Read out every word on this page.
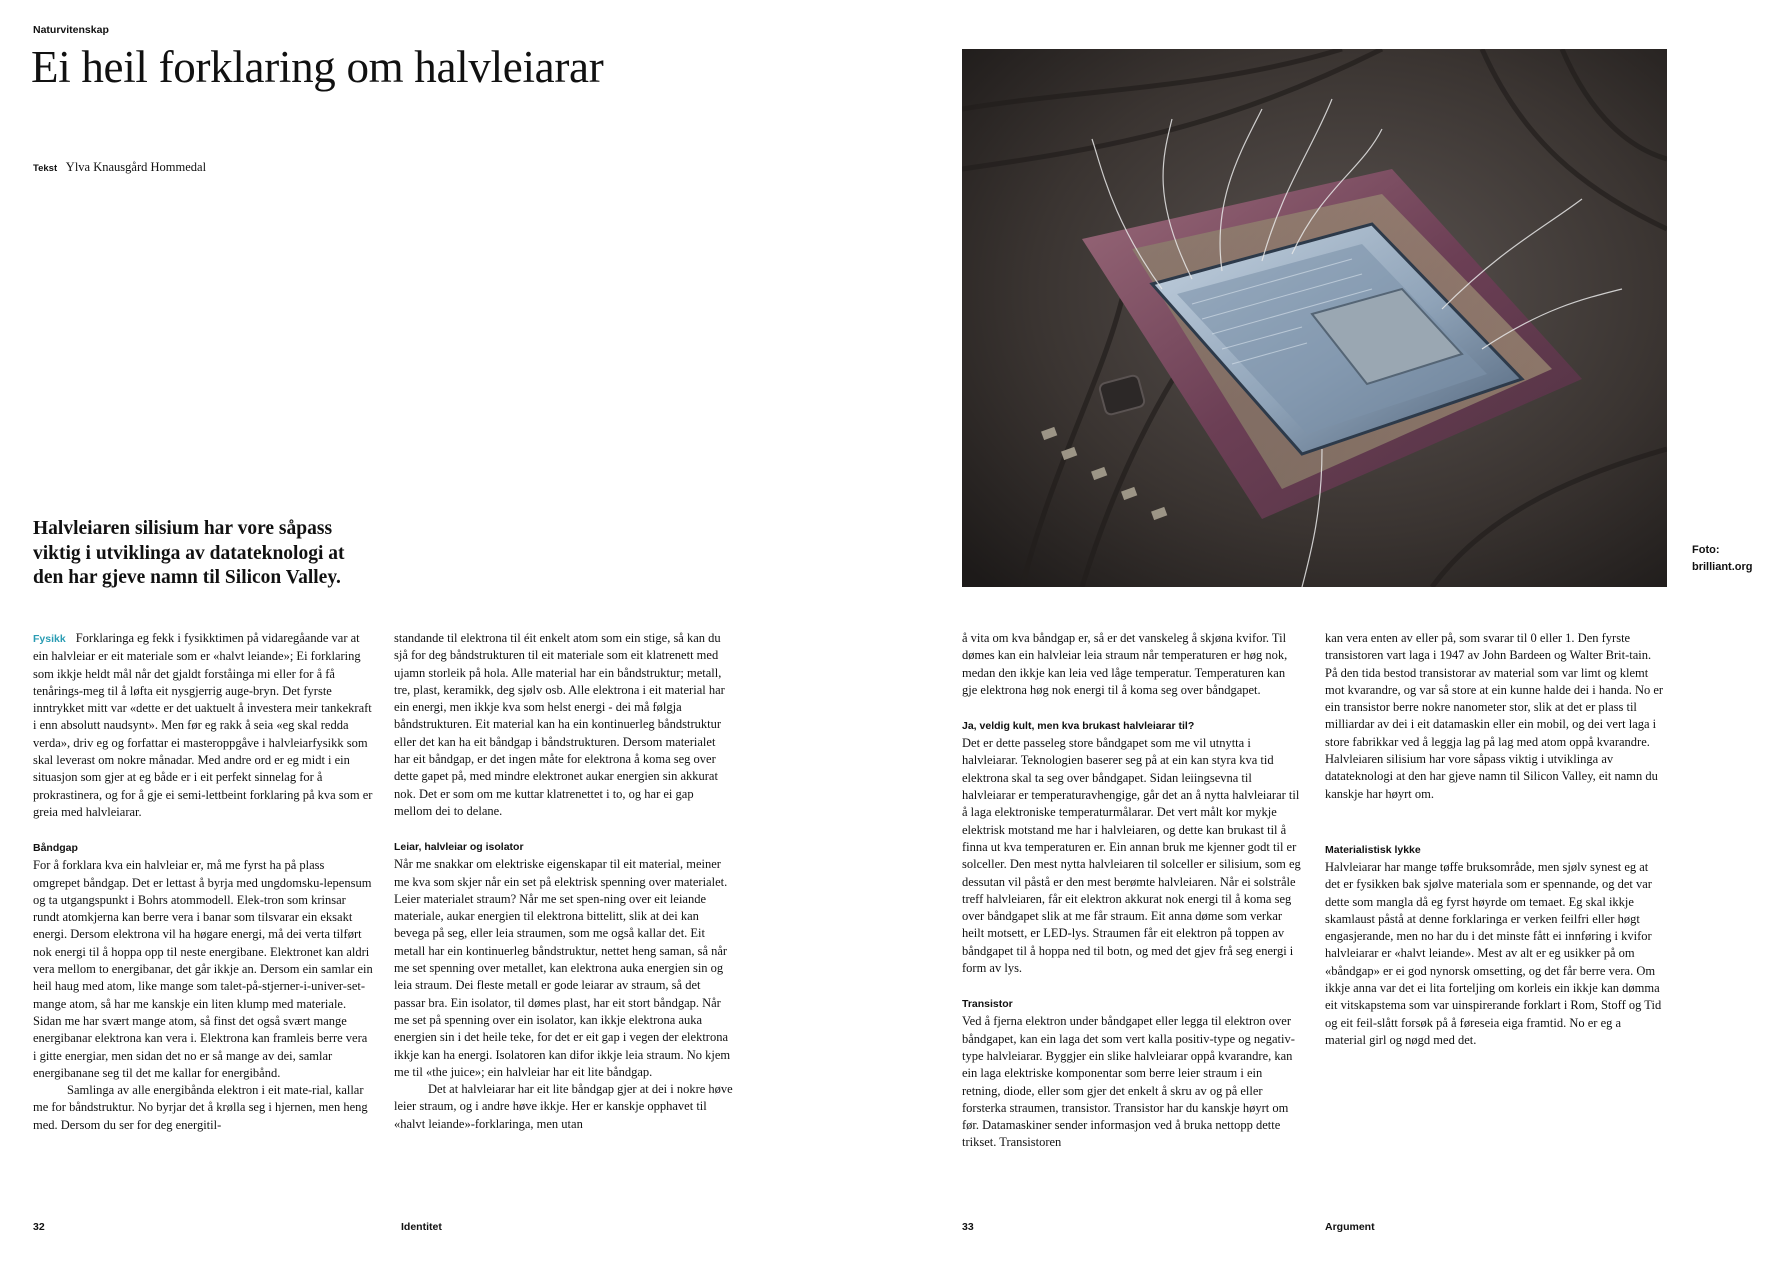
Naturvitenskap
Ei heil forklaring om halvleiarar
Tekst Ylva Knausgård Hommedal

Halvleiaren silisium har vore såpass viktig i utviklinga av datateknologi at den har gjeve namn til Silicon Valley.

Foto:
brilliant.org

Fysikk Forklaringa eg fekk i fysikktimen på vidaregåande var at ein halvleiar er eit materiale som er «halvt leiande»; Ei forklaring som ikkje heldt mål når det gjaldt forståinga mi eller for å få tenårings-meg til å løfta eit nysgjerrig auge-bryn. Det fyrste inntrykket mitt var «dette er det uaktuelt å investera meir tankekraft i enn absolutt naudsynt». Men før eg rakk å seia «eg skal redda verda», driv eg og forfattar ei masteroppgåve i halvleiarfysikk som skal leverast om nokre månadar. Med andre ord er eg midt i ein situasjon som gjer at eg både er i eit perfekt sinnelag for å prokrastinera, og for å gje ei semi-lettbeint forklaring på kva som er greia med halvleiarar.

Båndgap

For å forklara kva ein halvleiar er, må me fyrst ha på plass omgrepet båndgap. Det er lettast å byrja med ungdomsku-lepensum og ta utgangspunkt i Bohrs atommodell. Elek-tron som krinsar rundt atomkjerna kan berre vera i banar som tilsvarar ein eksakt energi. Dersom elektrona vil ha høgare energi, må dei verta tilført nok energi til å hoppa opp til neste energibane. Elektronet kan aldri vera mellom to energibanar, det går ikkje an. Dersom ein samlar ein heil haug med atom, like mange som talet-på-stjerner-i-univer-set-mange atom, så har me kanskje ein liten klump med materiale. Sidan me har svært mange atom, så finst det også svært mange energibanar elektrona kan vera i. Elektrona kan framleis berre vera i gitte energiar, men sidan det no er så mange av dei, samlar energibanane seg til det me kallar for energibånd.

Samlinga av alle energibånda elektron i eit mate-rial, kallar me for båndstruktur. No byrjar det å krølla seg i hjernen, men heng med. Dersom du ser for deg energitil-

standande til elektrona til éit enkelt atom som ein stige, så kan du sjå for deg båndstrukturen til eit materiale som eit klatrenett med ujamn storleik på hola. Alle material har ein båndstruktur; metall, tre, plast, keramikk, deg sjølv osb. Alle elektrona i eit material har ein energi, men ikkje kva som helst energi - dei må følgja båndstrukturen. Eit material kan ha ein kontinuerleg båndstruktur eller det kan ha eit båndgap i båndstrukturen. Dersom materialet har eit båndgap, er det ingen måte for elektrona å koma seg over dette gapet på, med mindre elektronet aukar energien sin akkurat nok. Det er som om me kuttar klatrenettet i to, og har ei gap mellom dei to delane.

Leiar, halvleiar og isolator

Når me snakkar om elektriske eigenskapar til eit material, meiner me kva som skjer når ein set på elektrisk spenning over materialet. Leier materialet straum? Når me set spen-ning over eit leiande materiale, aukar energien til elektrona bittelitt, slik at dei kan bevega på seg, eller leia straumen, som me også kallar det. Eit metall har ein kontinuerleg båndstruktur, nettet heng saman, så når me set spenning over metallet, kan elektrona auka energien sin og leia straum. Dei fleste metall er gode leiarar av straum, så det passar bra. Ein isolator, til dømes plast, har eit stort båndgap. Når me set på spenning over ein isolator, kan ikkje elektrona auka energien sin i det heile teke, for det er eit gap i vegen der elektrona ikkje kan ha energi. Isolatoren kan difor ikkje leia straum. No kjem me til «the juice»; ein halvleiar har eit lite båndgap.

Det at halvleiarar har eit lite båndgap gjer at dei i nokre høve leier straum, og i andre høve ikkje. Her er kanskje opphavet til «halvt leiande»-forklaringa, men utan

å vita om kva båndgap er, så er det vanskeleg å skjøna kvifor. Til dømes kan ein halvleiar leia straum når temperaturen er høg nok, medan den ikkje kan leia ved låge temperatur. Temperaturen kan gje elektrona høg nok energi til å koma seg over båndgapet.

Ja, veldig kult, men kva brukast halvleiarar til?

Det er dette passeleg store båndgapet som me vil utnytta i halvleiarar. Teknologien baserer seg på at ein kan styra kva tid elektrona skal ta seg over båndgapet. Sidan leiingsevna til halvleiarar er temperaturavhengige, går det an å nytta halvleiarar til å laga elektroniske temperaturmålarar. Det vert målt kor mykje elektrisk motstand me har i halvleiaren, og dette kan brukast til å finna ut kva temperaturen er. Ein annan bruk me kjenner godt til er solceller. Den mest nytta halvleiaren til solceller er silisium, som eg dessutan vil påstå er den mest berømte halvleiaren. Når ei solstråle treff halvleiaren, får eit elektron akkurat nok energi til å koma seg over båndgapet slik at me får straum. Eit anna døme som verkar heilt motsett, er LED-lys. Straumen får eit elektron på toppen av båndgapet til å hoppa ned til botn, og med det gjev frå seg energi i form av lys.

Transistor

Ved å fjerna elektron under båndgapet eller legga til elektron over båndgapet, kan ein laga det som vert kalla positiv-type og negativ-type halvleiarar. Byggjer ein slike halvleiarar oppå kvarandre, kan ein laga elektriske komponentar som berre leier straum i ein retning, diode, eller som gjer det enkelt å skru av og på eller forsterka straumen, transistor. Transistor har du kanskje høyrt om før. Datamaskiner sender informasjon ved å bruka nettopp dette trikset. Transistoren

kan vera enten av eller på, som svarar til 0 eller 1. Den fyrste transistoren vart laga i 1947 av John Bardeen og Walter Brit-tain. På den tida bestod transistorar av material som var limt og klemt mot kvarandre, og var så store at ein kunne halde dei i handa. No er ein transistor berre nokre nanometer stor, slik at det er plass til milliardar av dei i eit datamaskin eller ein mobil, og dei vert laga i store fabrikkar ved å leggja lag på lag med atom oppå kvarandre. Halvleiaren silisium har vore såpass viktig i utviklinga av datateknologi at den har gjeve namn til Silicon Valley, eit namn du kanskje har høyrt om.

Materialistisk lykke

Halvleiarar har mange tøffe bruksområde, men sjølv synest eg at det er fysikken bak sjølve materiala som er spennande, og det var dette som mangla då eg fyrst høyrde om temaet. Eg skal ikkje skamlaust påstå at denne forklaringa er verken feilfri eller høgt engasjerande, men no har du i det minste fått ei innføring i kvifor halvleiarar er «halvt leiande». Mest av alt er eg usikker på om «båndgap» er ei god nynorsk omsetting, og det får berre vera. Om ikkje anna var det ei lita forteljing om korleis ein ikkje kan dømma eit vitskapstema som var uinspirerande forklart i Rom, Stoff og Tid og eit feil-slått forsøk på å føreseia eiga framtid. No er eg a material girl og nøgd med det.

32	Identitet	33	Argument
